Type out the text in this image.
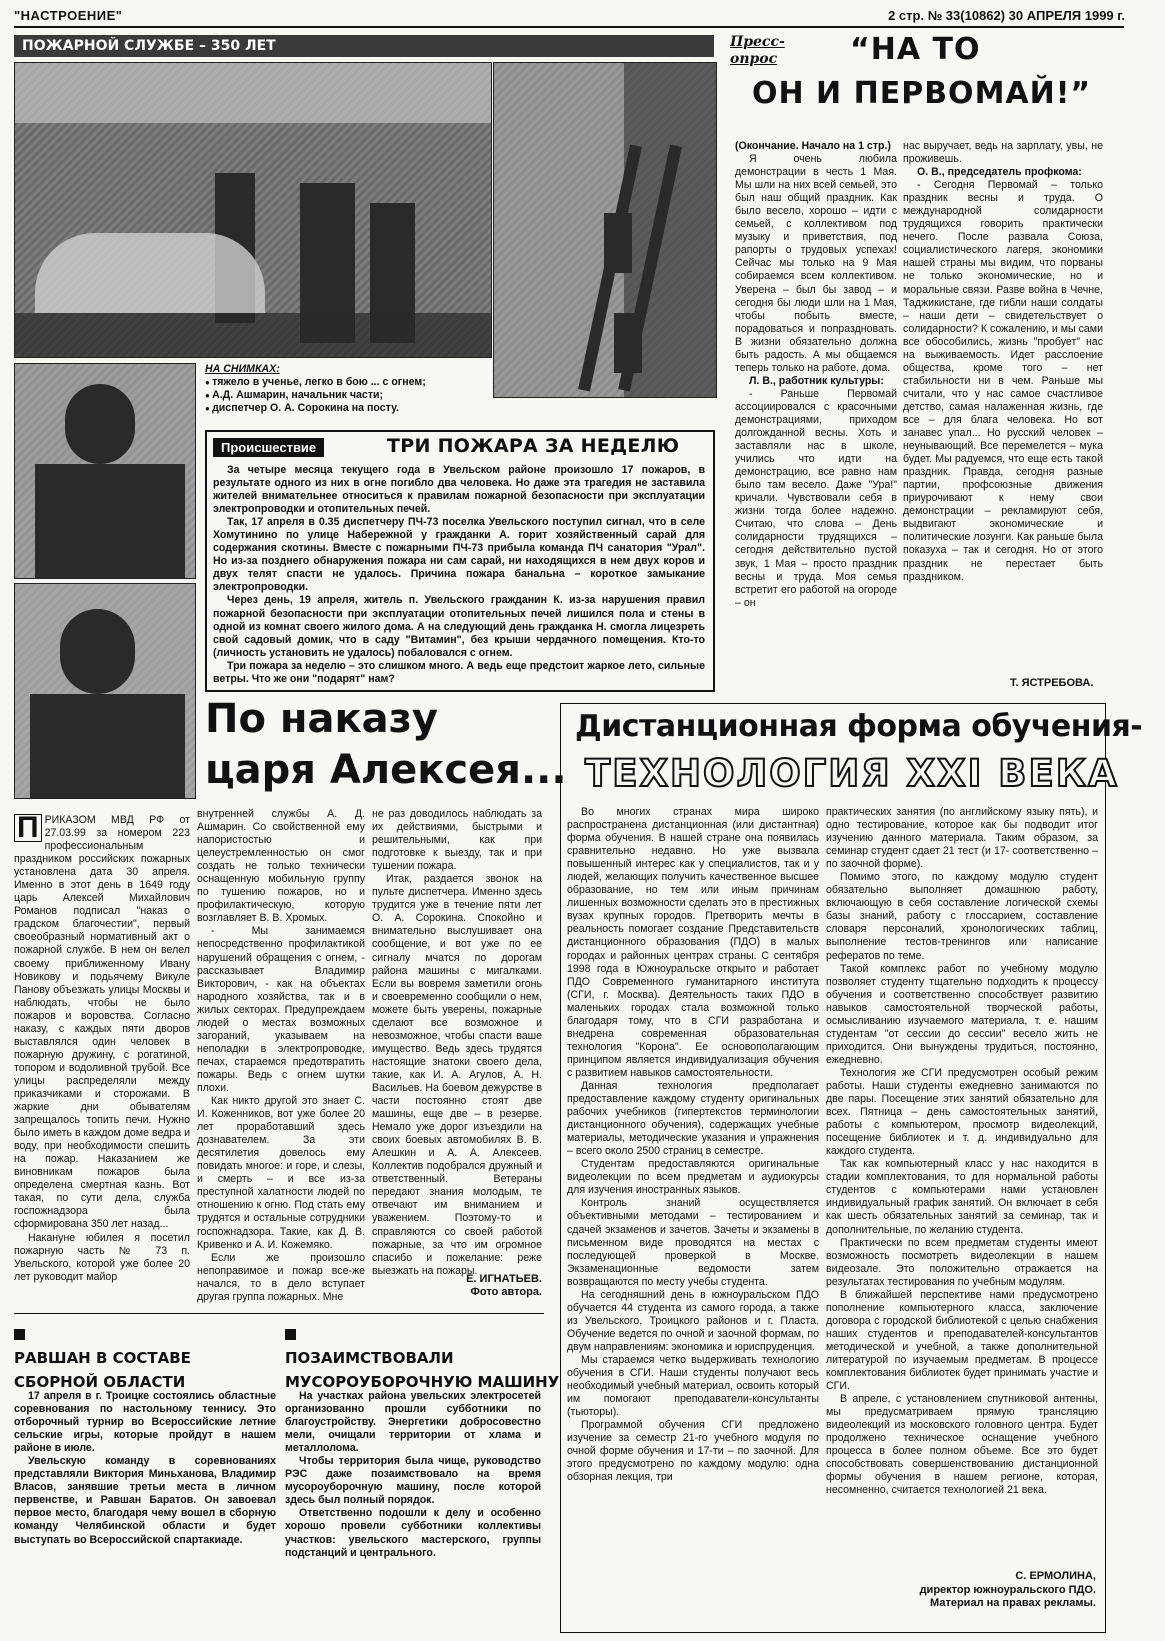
"НАСТРОЕНИЕ"	2 стр. № 33(10862) 30 АПРЕЛЯ 1999 г.
ПОЖАРНОЙ СЛУЖБЕ – 350 ЛЕТ
НА СНИМКАХ:
● тяжело в ученье, легко в бою ... с огнем;
● А.Д. Ашмарин, начальник части;
● диспетчер О. А. Сорокина на посту.
Происшествие	ТРИ ПОЖАРА ЗА НЕДЕЛЮ

За четыре месяца текущего года в Увельском районе произошло 17 пожаров, в результате одного из них в огне погибло два человека. Но даже эта трагедия не заставила жителей внимательнее относиться к правилам пожарной безопасности при эксплуатации электропроводки и отопительных печей.

Так, 17 апреля в 0.35 диспетчеру ПЧ-73 поселка Увельского поступил сигнал, что в селе Хомутинино по улице Набережной у гражданки А. горит хозяйственный сарай для содержания скотины. Вместе с пожарными ПЧ-73 прибыла команда ПЧ санатория "Урал". Но из-за позднего обнаружения пожара ни сам сарай, ни находящихся в нем двух коров и двух телят спасти не удалось. Причина пожара банальна – короткое замыкание электропроводки.

Через день, 19 апреля, житель п. Увельского гражданин К. из-за нарушения правил пожарной безопасности при эксплуатации отопительных печей лишился пола и стены в одной из комнат своего жилого дома. А на следующий день гражданка Н. смогла лицезреть свой садовый домик, что в саду "Витамин", без крыши чердачного помещения. Кто-то (личность установить не удалось) побаловался с огнем.

Три пожара за неделю – это слишком много. А ведь еще предстоит жаркое лето, сильные ветры. Что же они "подарят" нам?

Пресс-
опрос “НА ТО
ОН И ПЕРВОМАЙ!”

(Окончание. Начало на 1 стр.)

Я очень любила демонстрации в честь 1 Мая. Мы шли на них всей семьей, это был наш общий праздник. Как было весело, хорошо – идти с семьей, с коллективом под музыку и приветствия, под рапорты о трудовых успехах! Сейчас мы только на 9 Мая собираемся всем коллективом. Уверена – был бы завод – и сегодня бы люди шли на 1 Мая, чтобы побыть вместе, порадоваться и попраздновать. В жизни обязательно должна быть радость. А мы общаемся теперь только на работе, дома.

Л. В., работник культуры:

- Раньше Первомай ассоциировался с красочными демонстрациями, приходом долгожданной весны. Хоть и заставляли нас в школе, учились что идти на демонстрацию, все равно нам было там весело. Даже "Ура!" кричали. Чувствовали себя в жизни тогда более надежно. Считаю, что слова – День солидарности трудящихся – сегодня действительно пустой звук, 1 Мая – просто праздник весны и труда. Моя семья встретит его работой на огороде – он

нас выручает, ведь на зарплату, увы, не проживешь.

О. В., председатель профкома:

- Сегодня Первомай – только праздник весны и труда. О международной солидарности трудящихся говорить практически нечего. После развала Союза, социалистического лагеря, экономики нашей страны мы видим, что порваны не только экономические, но и моральные связи. Разве война в Чечне, Таджикистане, где гибли наши солдаты – наши дети – свидетельствует о солидарности? К сожалению, и мы сами все обособились, жизнь "пробует" нас на выживаемость. Идет расслоение общества, кроме того – нет стабильности ни в чем. Раньше мы считали, что у нас самое счастливое детство, самая налаженная жизнь, где все – для блага человека. Но вот занавес упал... Но русский человек – неунывающий. Все перемелется – мука будет. Мы радуемся, что еще есть такой праздник. Правда, сегодня разные партии, профсоюзные движения приурочивают к нему свои демонстрации – рекламируют себя, выдвигают экономические и политические лозунги. Как раньше была показуха – так и сегодня. Но от этого праздник не перестает быть праздником.

Т. ЯСТРЕБОВА.
По наказу
царя Алексея...

П РИКАЗОМ МВД РФ от 27.03.99 за номером 223 профессиональным праздником российских пожарных установлена дата 30 апреля. Именно в этот день в 1649 году царь Алексей Михайлович Романов подписал "наказ о градском благочестии", первый своеобразный нормативный акт о пожарной службе. В нем он велел своему приближенному Ивану Новикову и подьячему Викуле Панову объезжать улицы Москвы и наблюдать, чтобы не было пожаров и воровства. Согласно наказу, с каждых пяти дворов выставлялся один человек в пожарную дружину, с рогатиной, топором и водоливной трубой. Все улицы распределяли между приказчиками и сторожами. В жаркие дни обывателям запрещалось топить печи. Нужно было иметь в каждом доме ведра и воду, при необходимости спешить на пожар. Наказанием же виновникам пожаров была определена смертная казнь. Вот такая, по сути дела, служба госпожнадзора была сформирована 350 лет назад...

Накануне юбилея я посетил пожарную часть № 73 п. Увельского, которой уже более 20 лет руководит майор

внутренней службы А. Д. Ашмарин. Со свойственной ему напористостью и целеустремленностью он смог создать не только технически оснащенную мобильную группу по тушению пожаров, но и профилактическую, которую возглавляет В. В. Хромых.

- Мы занимаемся непосредственно профилактикой нарушений обращения с огнем, - рассказывает Владимир Викторович, - как на объектах народного хозяйства, так и в жилых секторах. Предупреждаем людей о местах возможных загораний, указываем на неполадки в электропроводке, печах, стараемся предотвратить пожары. Ведь с огнем шутки плохи.

Как никто другой это знает С. И. Коженников, вот уже более 20 лет проработавший здесь дознавателем. За эти десятилетия довелось ему повидать многое: и горе, и слезы, и смерть – и все из-за преступной халатности людей по отношению к огню. Под стать ему трудятся и остальные сотрудники госпожнадзора. Такие, как Д. В. Кривенко и А. И. Кожемяко.

Если же произошло непоправимое и пожар все-же начался, то в дело вступает другая группа пожарных. Мне

не раз доводилось наблюдать за их действиями, быстрыми и решительными, как при подготовке к выезду, так и при тушении пожара.

Итак, раздается звонок на пульте диспетчера. Именно здесь трудится уже в течение пяти лет О. А. Сорокина. Спокойно и внимательно выслушивает она сообщение, и вот уже по ее сигналу мчатся по дорогам района машины с мигалками. Если вы вовремя заметили огонь и своевременно сообщили о нем, можете быть уверены, пожарные сделают все возможное и невозможное, чтобы спасти ваше имущество. Ведь здесь трудятся настоящие знатоки своего дела, такие, как И. А. Агулов, А. Н. Васильев. На боевом дежурстве в части постоянно стоят две машины, еще две – в резерве. Немало уже дорог изъездили на своих боевых автомобилях В. В. Алешкин и А. А. Алексеев. Коллектив подобрался дружный и ответственный. Ветераны передают знания молодым, те отвечают им вниманием и уважением. Поэтому-то и справляются со своей работой пожарные, за что им огромное спасибо и пожелание: реже выезжать на пожары.

Е. ИГНАТЬЕВ.
Фото автора.
РАВШАН В СОСТАВЕ
СБОРНОЙ ОБЛАСТИ

17 апреля в г. Троицке состоялись областные соревнования по настольному теннису. Это отборочный турнир во Всероссийские летние сельские игры, которые пройдут в нашем районе в июле.

Увельскую команду в соревнованиях представляли Виктория Миньханова, Владимир Власов, занявшие третьи места в личном первенстве, и Равшан Баратов. Он завоевал первое место, благодаря чему вошел в сборную команду Челябинской области и будет выступать во Всероссийской спартакиаде.

ПОЗАИМСТВОВАЛИ
МУСОРОУБОРОЧНУЮ МАШИНУ

На участках района увельских электросетей организованно прошли субботники по благоустройству. Энергетики добросовестно мели, очищали территории от хлама и металлолома.

Чтобы территория была чище, руководство РЭС даже позаимствовало на время мусороуборочную машину, после которой здесь был полный порядок.

Ответственно подошли к делу и особенно хорошо провели субботники коллективы участков: увельского мастерского, группы подстанций и центрального.

Дистанционная форма обучения-
ТЕХНОЛОГИЯ XXI ВЕКА

Во многих странах мира широко распространена дистанционная (или дистантная) форма обучения. В нашей стране она появилась сравнительно недавно. Но уже вызвала повышенный интерес как у специалистов, так и у людей, желающих получить качественное высшее образование, но тем или иным причинам лишенных возможности сделать это в престижных вузах крупных городов. Претворить мечты в реальность помогает создание Представительств дистанционного образования (ПДО) в малых городах и районных центрах страны. С сентября 1998 года в Южноуральске открыто и работает ПДО Современного гуманитарного института (СГИ, г. Москва). Деятельность таких ПДО в маленьких городах стала возможной только благодаря тому, что в СГИ разработана и внедрена современная образовательная технология "Корона". Ее основополагающим принципом является индивидуализация обучения с развитием навыков самостоятельности.

Данная технология предполагает предоставление каждому студенту оригинальных рабочих учебников (гипертекстов терминологии дистанционного обучения), содержащих учебные материалы, методические указания и упражнения – всего около 2500 страниц в семестре.

Студентам предоставляются оригинальные видеолекции по всем предметам и аудиокурсы для изучения иностранных языков.

Контроль знаний осуществляется объективными методами – тестированием и сдачей экзаменов и зачетов. Зачеты и экзамены в письменном виде проводятся на местах с последующей проверкой в Москве. Экзаменационные ведомости затем возвращаются по месту учебы студента.

На сегодняшний день в южноуральском ПДО обучается 44 студента из самого города, а также из Увельского, Троицкого районов и г. Пласта. Обучение ведется по очной и заочной формам, по двум направлениям: экономика и юриспруденция.

Мы стараемся четко выдерживать технологию обучения в СГИ. Наши студенты получают весь необходимый учебный материал, освоить который им помогают преподаватели-консультанты (тьюторы).

Программой обучения СГИ предложено изучение за семестр 21-го учебного модуля по очной форме обучения и 17-ти – по заочной. Для этого предусмотрено по каждому модулю: одна обзорная лекция, три

практических занятия (по английскому языку пять), и одно тестирование, которое как бы подводит итог изучению данного материала. Таким образом, за семинар студент сдает 21 тест (и 17- соответственно – по заочной форме).

Помимо этого, по каждому модулю студент обязательно выполняет домашнюю работу, включающую в себя составление логической схемы базы знаний, работу с глоссарием, составление словаря персоналий, хронологических таблиц, выполнение тестов-тренингов или написание рефератов по теме.

Такой комплекс работ по учебному модулю позволяет студенту тщательно подходить к процессу обучения и соответственно способствует развитию навыков самостоятельной творческой работы, осмысливанию изучаемого материала, т. е. нашим студентам "от сессии до сессии" весело жить не приходится. Они вынуждены трудиться, постоянно, ежедневно.

Технология же СГИ предусмотрен особый режим работы. Наши студенты ежедневно занимаются по две пары. Посещение этих занятий обязательно для всех. Пятница – день самостоятельных занятий, работы с компьютером, просмотр видеолекций, посещение библиотек и т. д. индивидуально для каждого студента.

Так как компьютерный класс у нас находится в стадии комплектования, то для нормальной работы студентов с компьютерами нами установлен индивидуальный график занятий. Он включает в себя как шесть обязательных занятий за семинар, так и дополнительные, по желанию студента.

Практически по всем предметам студенты имеют возможность посмотреть видеолекции в нашем видеозале. Это положительно отражается на результатах тестирования по учебным модулям.

В ближайшей перспективе нами предусмотрено пополнение компьютерного класса, заключение договора с городской библиотекой с целью снабжения наших студентов и преподавателей-консультантов методической и учебной, а также дополнительной литературой по изучаемым предметам. В процессе комплектования библиотек будет принимать участие и СГИ.

В апреле, с установлением спутниковой антенны, мы предусматриваем прямую трансляцию видеолекций из московского головного центра. Будет продолжено техническое оснащение учебного процесса в более полном объеме. Все это будет способствовать совершенствованию дистанционной формы обучения в нашем регионе, которая, несомненно, считается технологией 21 века.

С. ЕРМОЛИНА,
директор южноуральского ПДО.
Материал на правах рекламы.
